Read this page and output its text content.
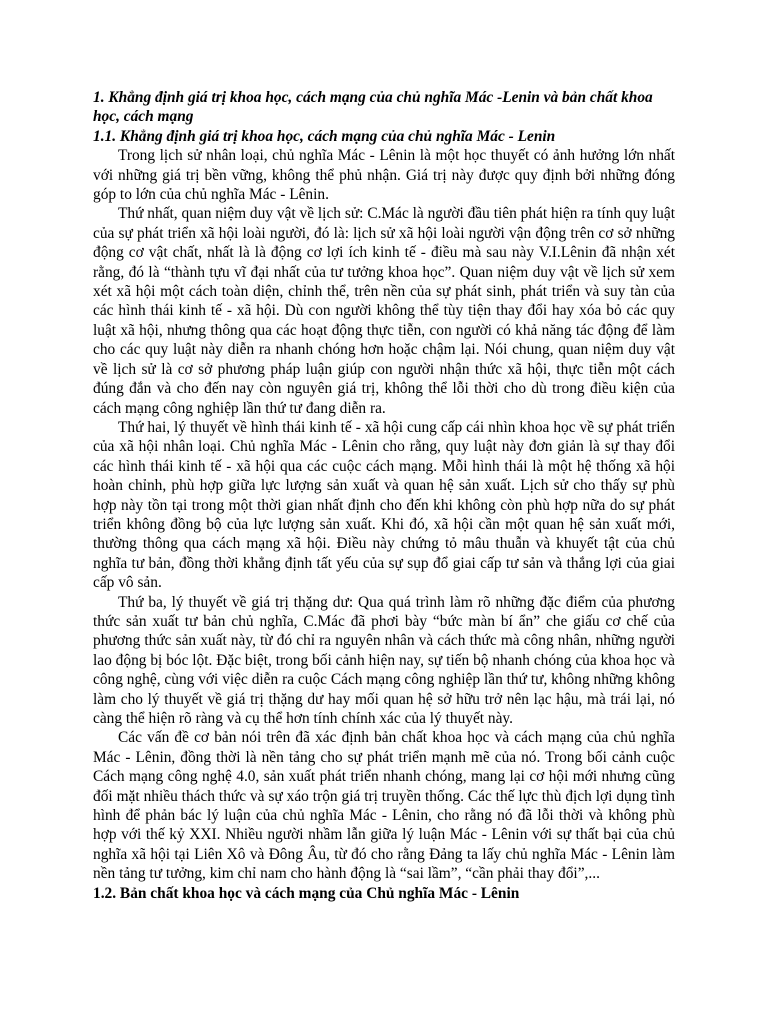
1. Khẳng định giá trị khoa học, cách mạng của chủ nghĩa Mác -Lenin và bản chất khoa học, cách mạng
1.1. Khẳng định giá trị khoa học, cách mạng của chủ nghĩa Mác - Lenin

Trong lịch sử nhân loại, chủ nghĩa Mác - Lênin là một học thuyết có ảnh hưởng lớn nhất với những giá trị bền vững, không thể phủ nhận. Giá trị này được quy định bởi những đóng góp to lớn của chủ nghĩa Mác - Lênin.

Thứ nhất, quan niệm duy vật về lịch sử: C.Mác là người đầu tiên phát hiện ra tính quy luật của sự phát triển xã hội loài người, đó là: lịch sử xã hội loài người vận động trên cơ sở những động cơ vật chất, nhất là là động cơ lợi ích kinh tế - điều mà sau này V.I.Lênin đã nhận xét rằng, đó là “thành tựu vĩ đại nhất của tư tưởng khoa học”. Quan niệm duy vật về lịch sử xem xét xã hội một cách toàn diện, chỉnh thể, trên nền của sự phát sinh, phát triển và suy tàn của các hình thái kinh tế - xã hội. Dù con người không thể tùy tiện thay đổi hay xóa bỏ các quy luật xã hội, nhưng thông qua các hoạt động thực tiễn, con người có khả năng tác động để làm cho các quy luật này diễn ra nhanh chóng hơn hoặc chậm lại. Nói chung, quan niệm duy vật về lịch sử là cơ sở phương pháp luận giúp con người nhận thức xã hội, thực tiễn một cách đúng đắn và cho đến nay còn nguyên giá trị, không thể lỗi thời cho dù trong điều kiện của cách mạng công nghiệp lần thứ tư đang diễn ra.

Thứ hai, lý thuyết về hình thái kinh tế - xã hội cung cấp cái nhìn khoa học về sự phát triển của xã hội nhân loại. Chủ nghĩa Mác - Lênin cho rằng, quy luật này đơn giản là sự thay đổi các hình thái kinh tế - xã hội qua các cuộc cách mạng. Mỗi hình thái là một hệ thống xã hội hoàn chỉnh, phù hợp giữa lực lượng sản xuất và quan hệ sản xuất. Lịch sử cho thấy sự phù hợp này tồn tại trong một thời gian nhất định cho đến khi không còn phù hợp nữa do sự phát triển không đồng bộ của lực lượng sản xuất. Khi đó, xã hội cần một quan hệ sản xuất mới, thường thông qua cách mạng xã hội. Điều này chứng tỏ mâu thuẫn và khuyết tật của chủ nghĩa tư bản, đồng thời khẳng định tất yếu của sự sụp đổ giai cấp tư sản và thắng lợi của giai cấp vô sản.

Thứ ba, lý thuyết về giá trị thặng dư: Qua quá trình làm rõ những đặc điểm của phương thức sản xuất tư bản chủ nghĩa, C.Mác đã phơi bày “bức màn bí ẩn” che giấu cơ chế của phương thức sản xuất này, từ đó chỉ ra nguyên nhân và cách thức mà công nhân, những người lao động bị bóc lột. Đặc biệt, trong bối cảnh hiện nay, sự tiến bộ nhanh chóng của khoa học và công nghệ, cùng với việc diễn ra cuộc Cách mạng công nghiệp lần thứ tư, không những không làm cho lý thuyết về giá trị thặng dư hay mối quan hệ sở hữu trở nên lạc hậu, mà trái lại, nó càng thể hiện rõ ràng và cụ thể hơn tính chính xác của lý thuyết này.

Các vấn đề cơ bản nói trên đã xác định bản chất khoa học và cách mạng của chủ nghĩa Mác - Lênin, đồng thời là nền tảng cho sự phát triển mạnh mẽ của nó. Trong bối cảnh cuộc Cách mạng công nghệ 4.0, sản xuất phát triển nhanh chóng, mang lại cơ hội mới nhưng cũng đối mặt nhiều thách thức và sự xáo trộn giá trị truyền thống. Các thế lực thù địch lợi dụng tình hình để phản bác lý luận của chủ nghĩa Mác - Lênin, cho rằng nó đã lỗi thời và không phù hợp với thế kỷ XXI. Nhiều người nhầm lẫn giữa lý luận Mác - Lênin với sự thất bại của chủ nghĩa xã hội tại Liên Xô và Đông Âu, từ đó cho rằng Đảng ta lấy chủ nghĩa Mác - Lênin làm nền tảng tư tưởng, kim chỉ nam cho hành động là “sai lầm”, “cần phải thay đổi”,...

1.2. Bản chất khoa học và cách mạng của Chủ nghĩa Mác - Lênin
